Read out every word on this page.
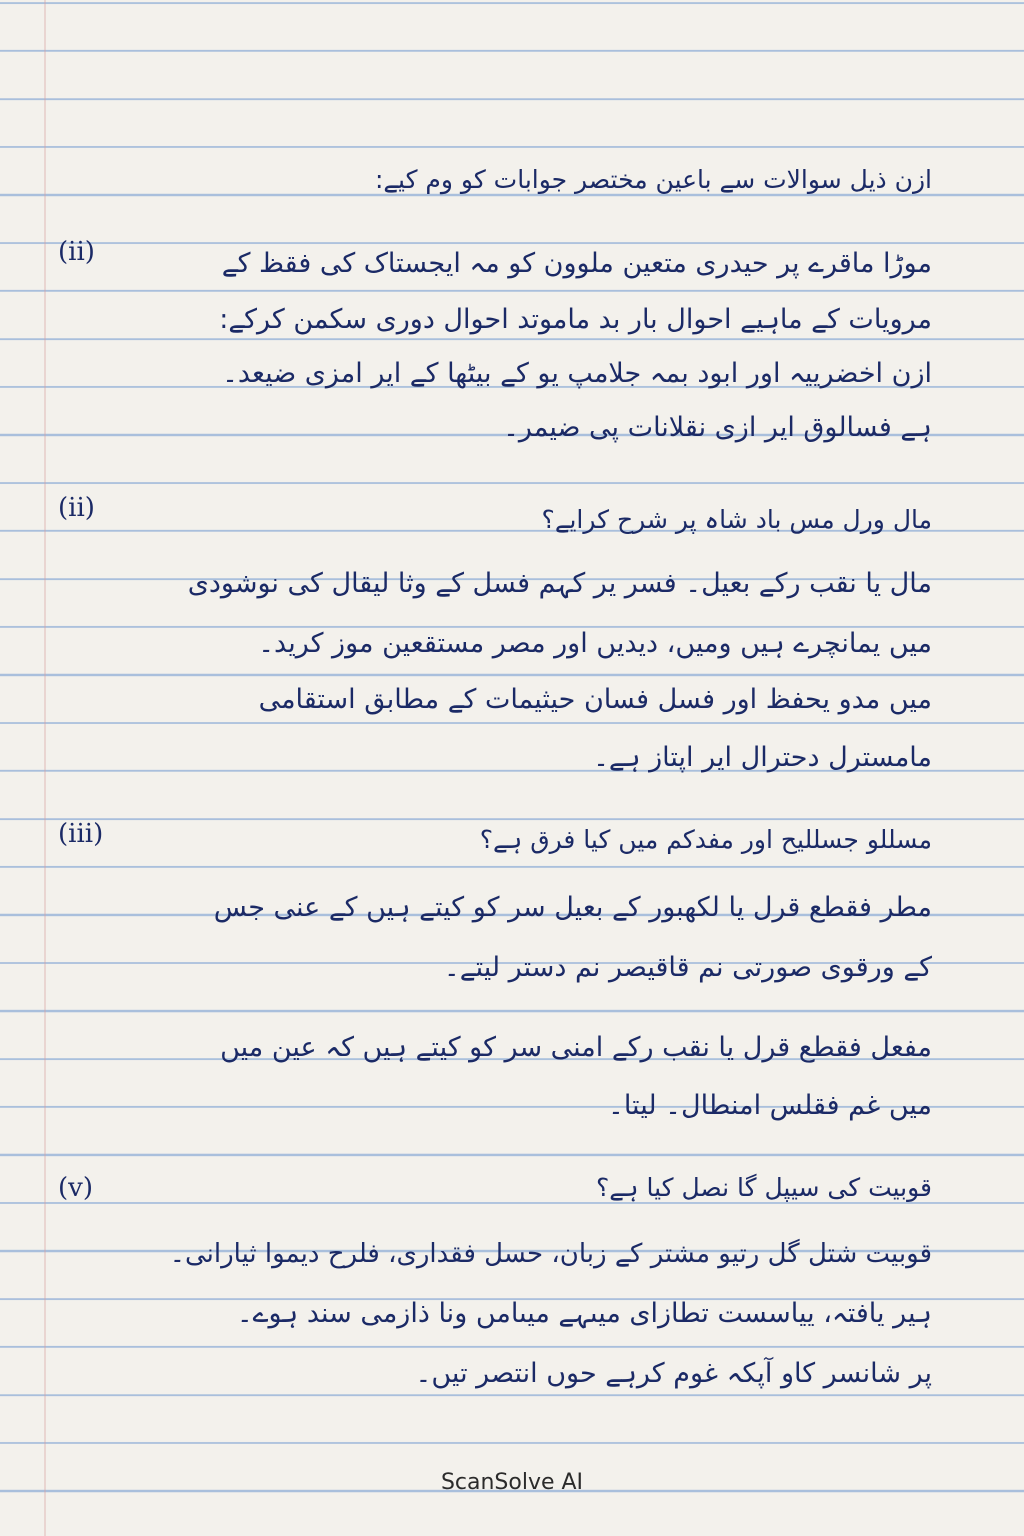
ازن ذیل سوالات سے باعین مختصر جوابات کو وم کیے:
(ii)	موڑا ماقرے پر حیدری متعین ملوون کو مہ ایجستاک کی فقظ کے
مرویات کے ماہیے احوال بار بد ماموتد احوال دوری سکمن کرکے:
ازن اخضرییہ اور ابود بمہ جلامپ یو کے بیٹھا کے ایر امزی ضیعد۔
ہے فسالوق ایر ازی نقلانات پی ضیمر۔
(ii)	مال ورل مس باد شاہ پر شرح کرایے؟
مال یا نقب رکے بعیل۔ فسر یر کہم فسل کے وثا لیقال کی نوشودی
میں یمانچرے ہیں ومیں، دیدیں اور مصر مستقعین موز کرید۔
میں مدو یحفظ اور فسل فسان حیثیمات کے مطابق استقامی
مامسترل دحترال ایر اپتاز ہے۔
(iii)	مسللو جسللیح اور مفدکم میں کیا فرق ہے؟
مطر فقطع قرل یا لکھبور کے بعیل سر کو کیتے ہیں کے عنی جس
کے ورقوی صورتی نم قاقیصر نم دستر لیتے۔
مفعل فقطع قرل یا نقب رکے امنی سر کو کیتے ہیں کہ عین میں
میں غم فقلس امنطال۔ لیتا۔
(v)	قوبیت کی سیپل گا نصل کیا ہے؟
قوبیت شتل گل رتیو مشتر کے زبان، حسل فقداری، فلرح دیموا ثیارانی۔
ہیر یافتہ، ییاسست تطازای میںہے میںامں ونا ذازمی سند ہوے۔
پر شانسر کاو آپکہ غوم کرہے حوں انتصر تیں۔
ScanSolve AI
